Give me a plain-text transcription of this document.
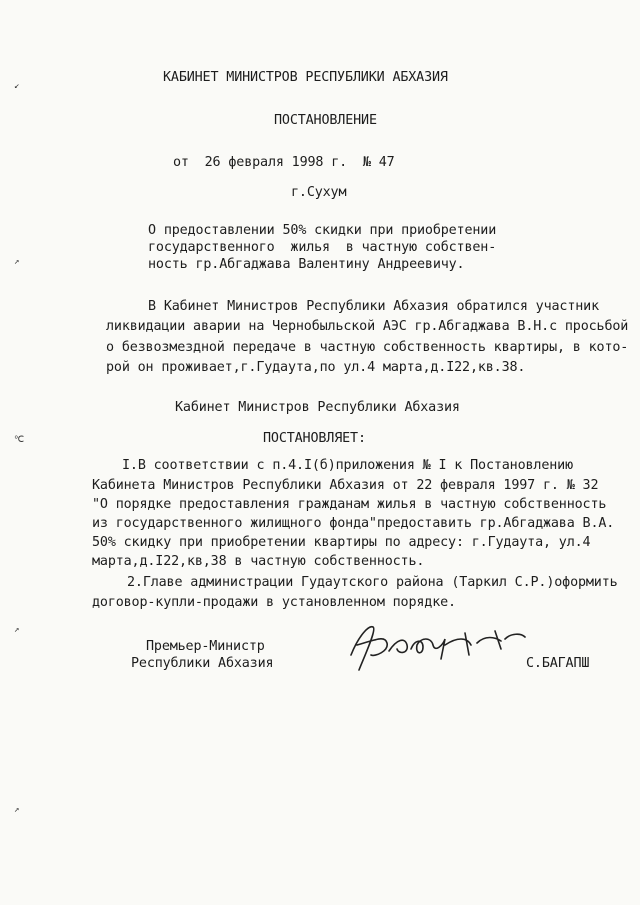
↙
↗
℃
↗
↗
КАБИНЕТ МИНИСТРОВ РЕСПУБЛИКИ АБХАЗИЯ
ПОСТАНОВЛЕНИЕ
от  26 февраля 1998 г.  № 47
г.Сухум
О предоставлении 50% скидки при приобретении
государственного  жилья  в частную собствен-
ность гр.Абгаджава Валентину Андреевичу.
В Кабинет Министров Республики Абхазия обратился участник
ликвидации аварии на Чернобыльской АЭС гр.Абгаджава В.Н.с просьбой
о безвозмездной передаче в частную собственность квартиры, в кото-
рой он проживает,г.Гудаута,по ул.4 марта,д.I22,кв.38.
Кабинет Министров Республики Абхазия
ПОСТАНОВЛЯЕТ:
I.В соответствии с п.4.I(б)приложения № I к Постановлению
Кабинета Министров Республики Абхазия от 22 февраля 1997 г. № 32
"О порядке предоставления гражданам жилья в частную собственность
из государственного жилищного фонда"предоставить гр.Абгаджава В.А.
50% скидку при приобретении квартиры по адресу: г.Гудаута, ул.4
марта,д.I22,кв,38 в частную собственность.
2.Главе администрации Гудаутского района (Таркил С.Р.)оформить
договор-купли-продажи в установленном порядке.
Премьер-Министр
Республики Абхазия	С.БАГАПШ
